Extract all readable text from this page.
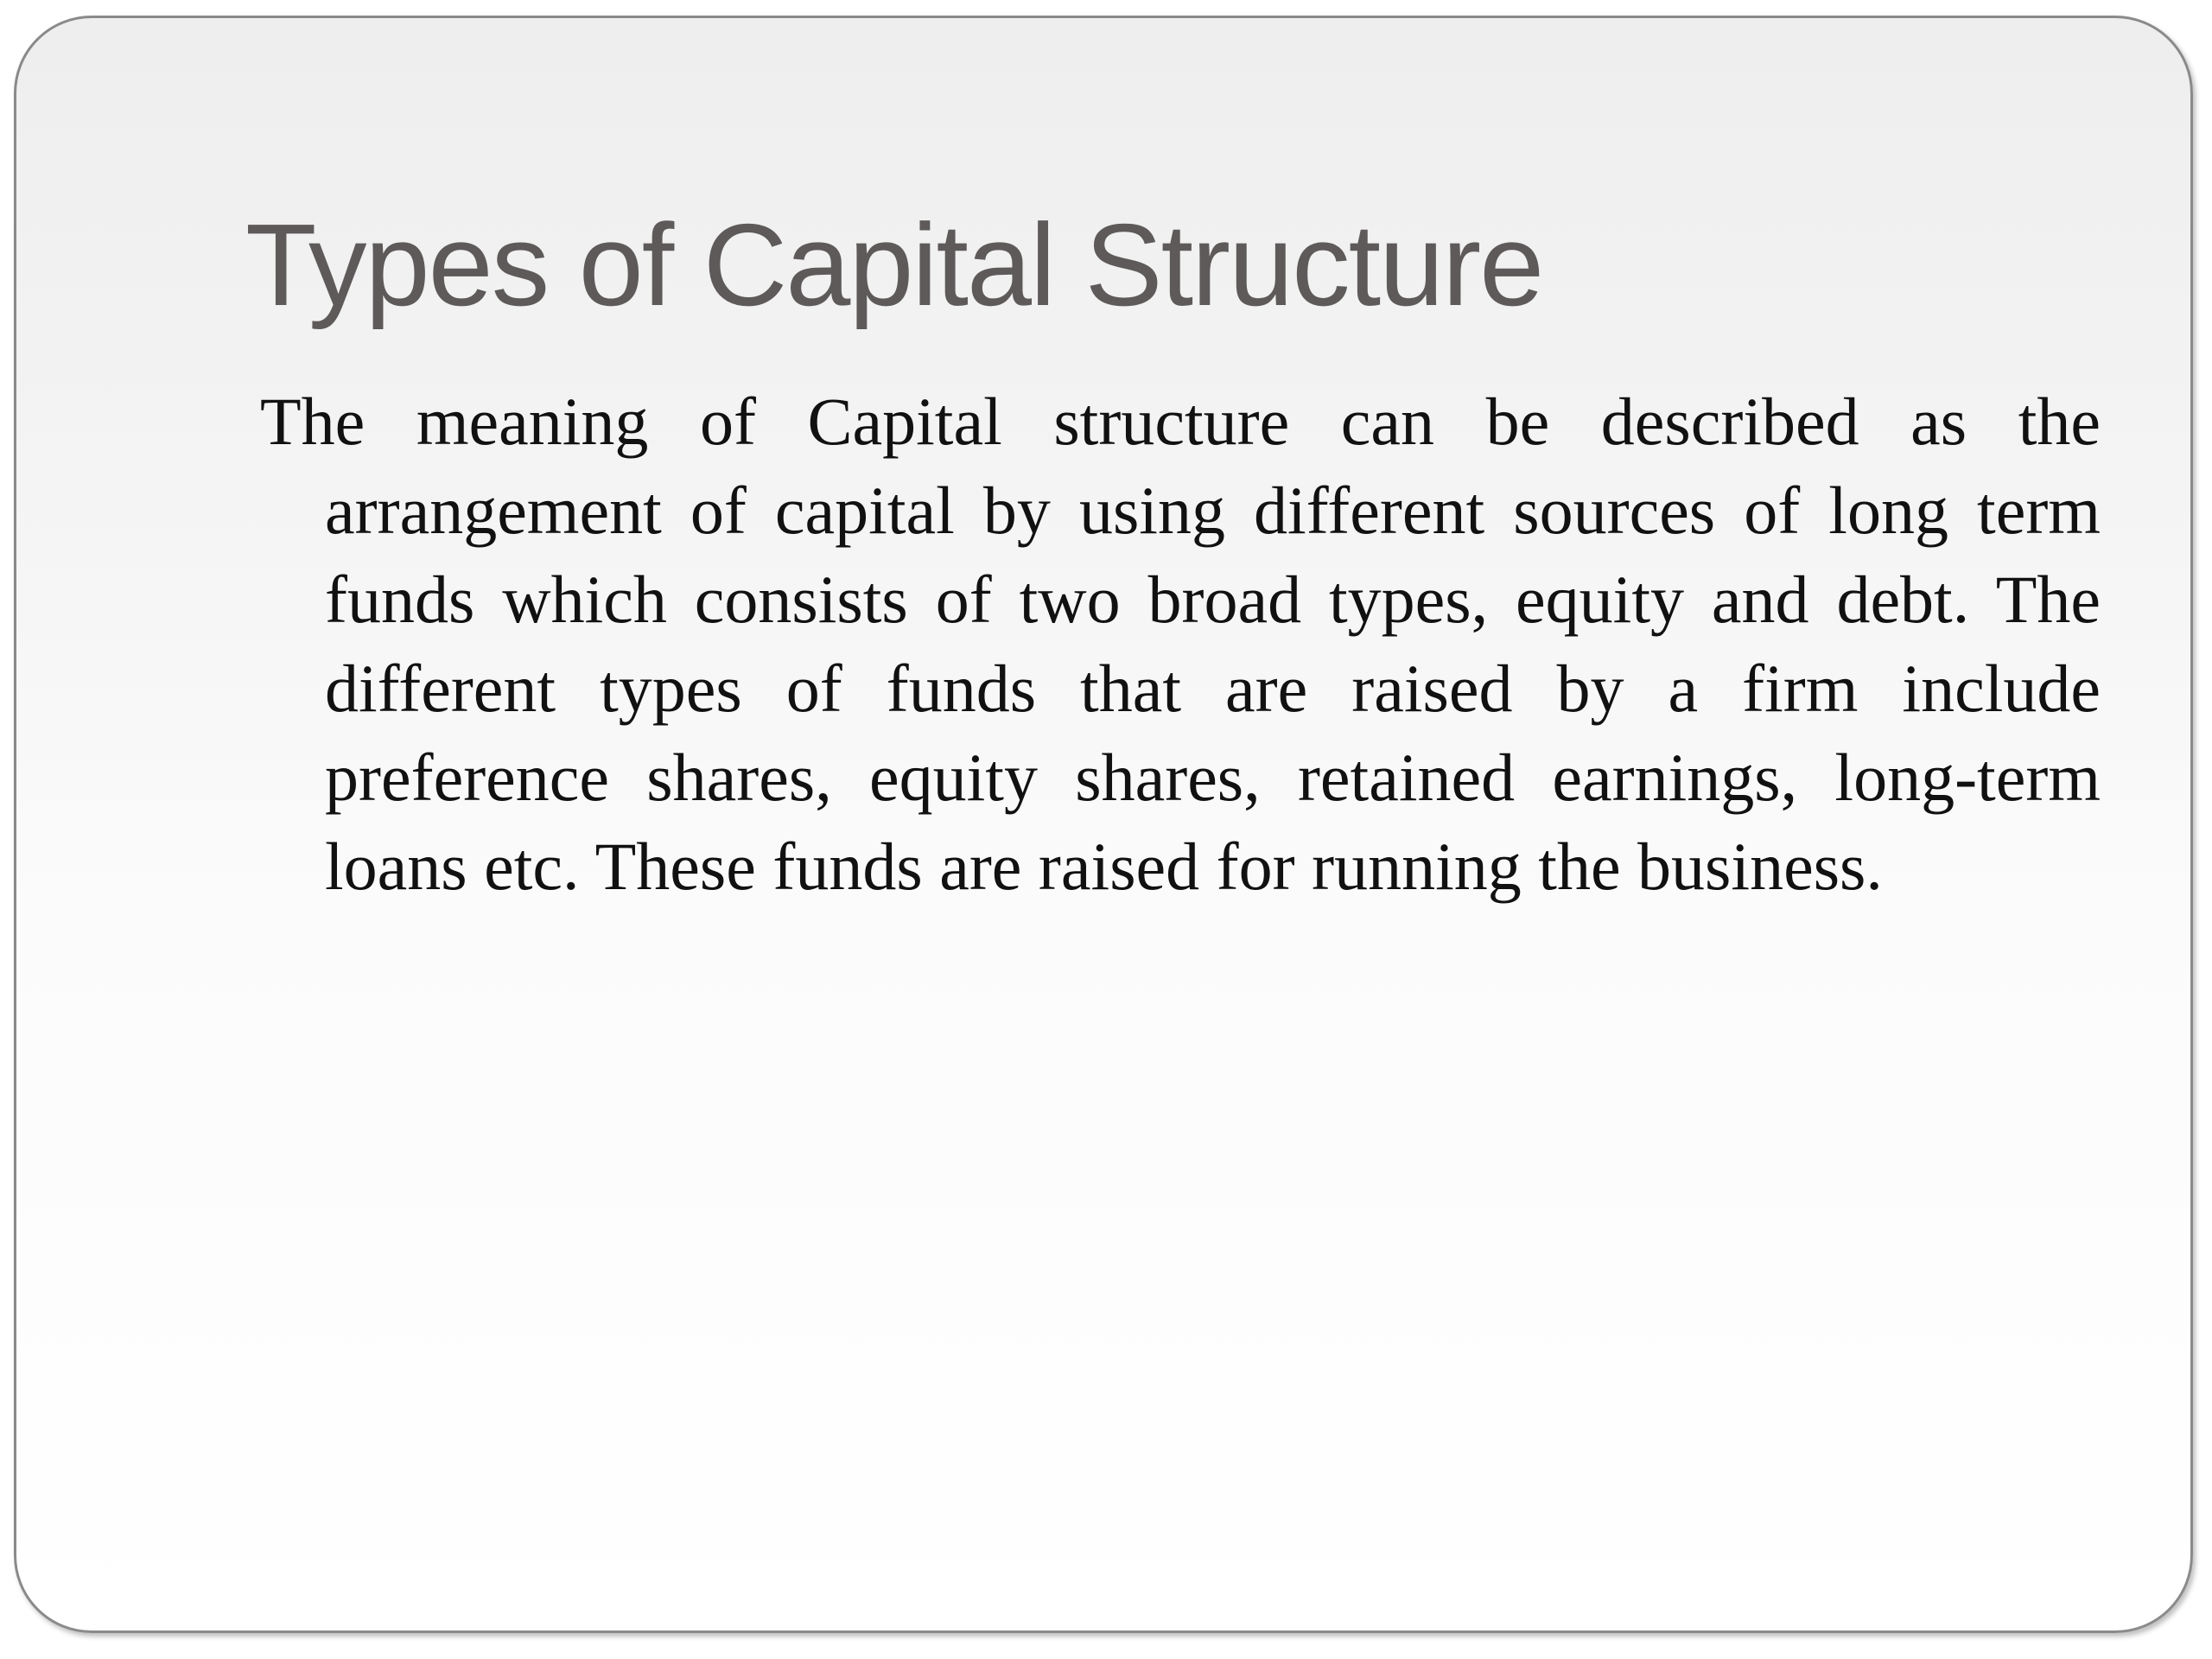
Types of Capital Structure

The meaning of Capital structure can be described as the arrangement of capital by using different sources of long term funds which consists of two broad types, equity and debt. The different types of funds that are raised by a firm include preference shares, equity shares, retained earnings, long-term loans etc. These funds are raised for running the business.
